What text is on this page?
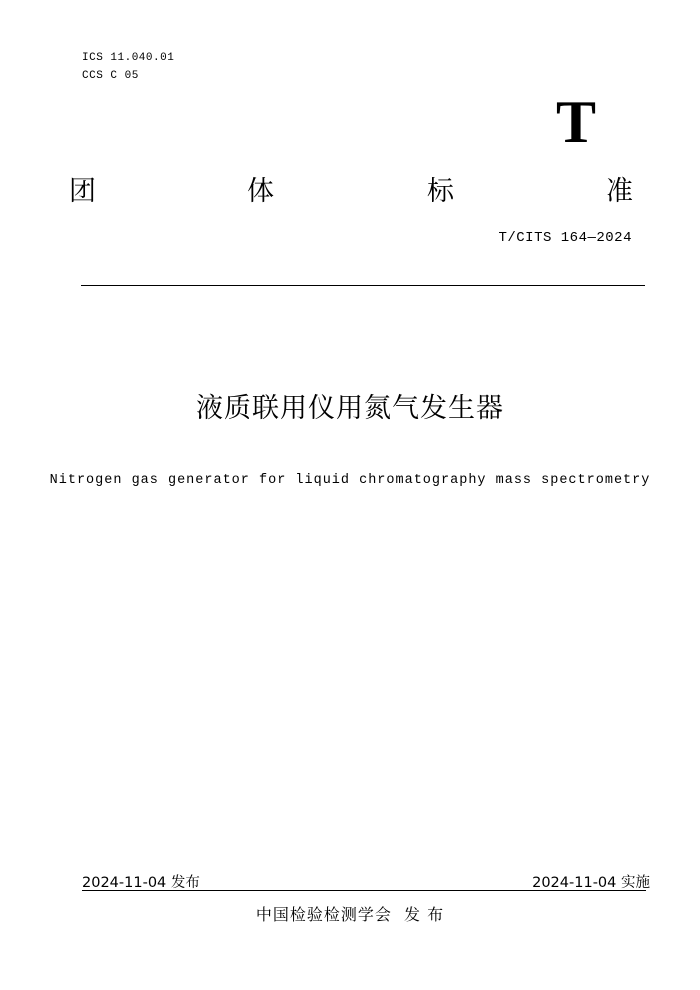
ICS 11.040.01
CCS C 05
T
团	体	标	准
T/CITS 164—2024
液质联用仪用氮气发生器
Nitrogen gas generator for liquid chromatography mass spectrometry
2024-11-04 发布	2024-11-04 实施
中国检验检测学会  发 布
